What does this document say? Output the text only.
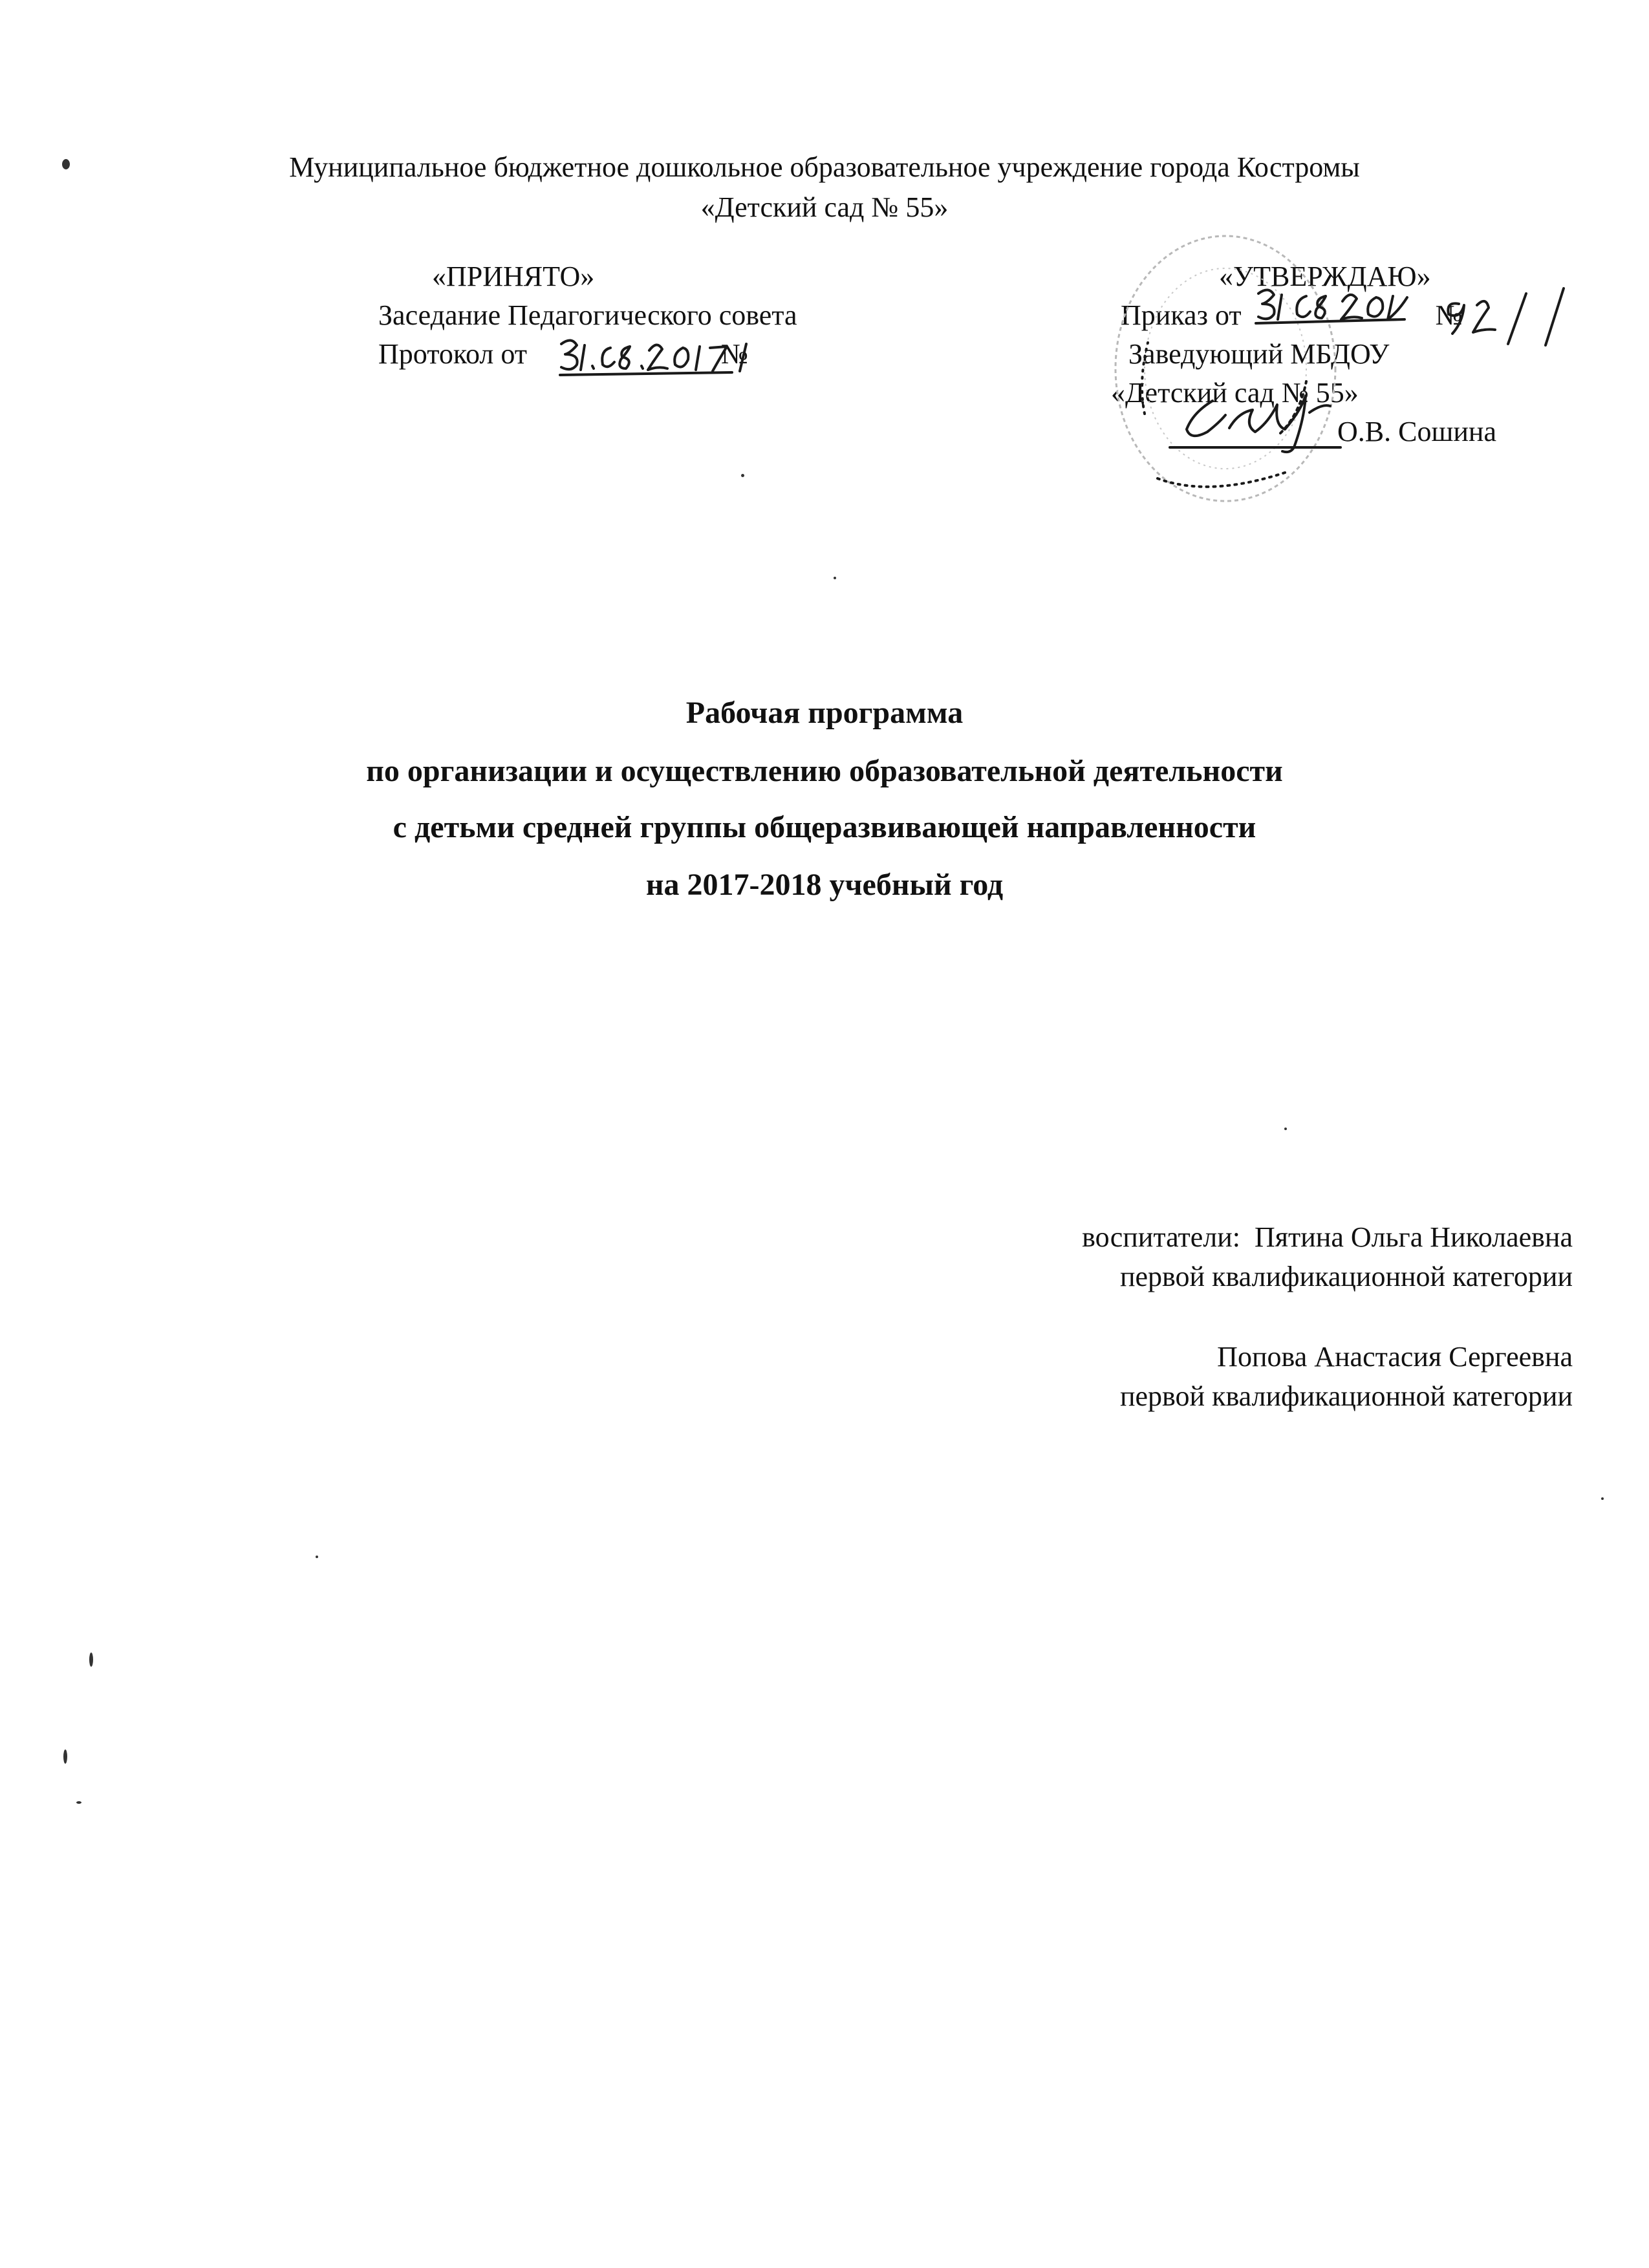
Муниципальное бюджетное дошкольное образовательное учреждение города Костромы
«Детский сад № 55»
«ПРИНЯТО»
Заседание Педагогического совета
Протокол от	№
«УТВЕРЖДАЮ»
Приказ от	№
Заведующий МБДОУ
«Детский сад № 55»
О.В. Сошина
Рабочая программа
по организации и осуществлению образовательной деятельности
с детьми средней группы общеразвивающей направленности
на 2017-2018 учебный год
воспитатели: Пятина Ольга Николаевна
первой квалификационной категории
Попова Анастасия Сергеевна
первой квалификационной категории
